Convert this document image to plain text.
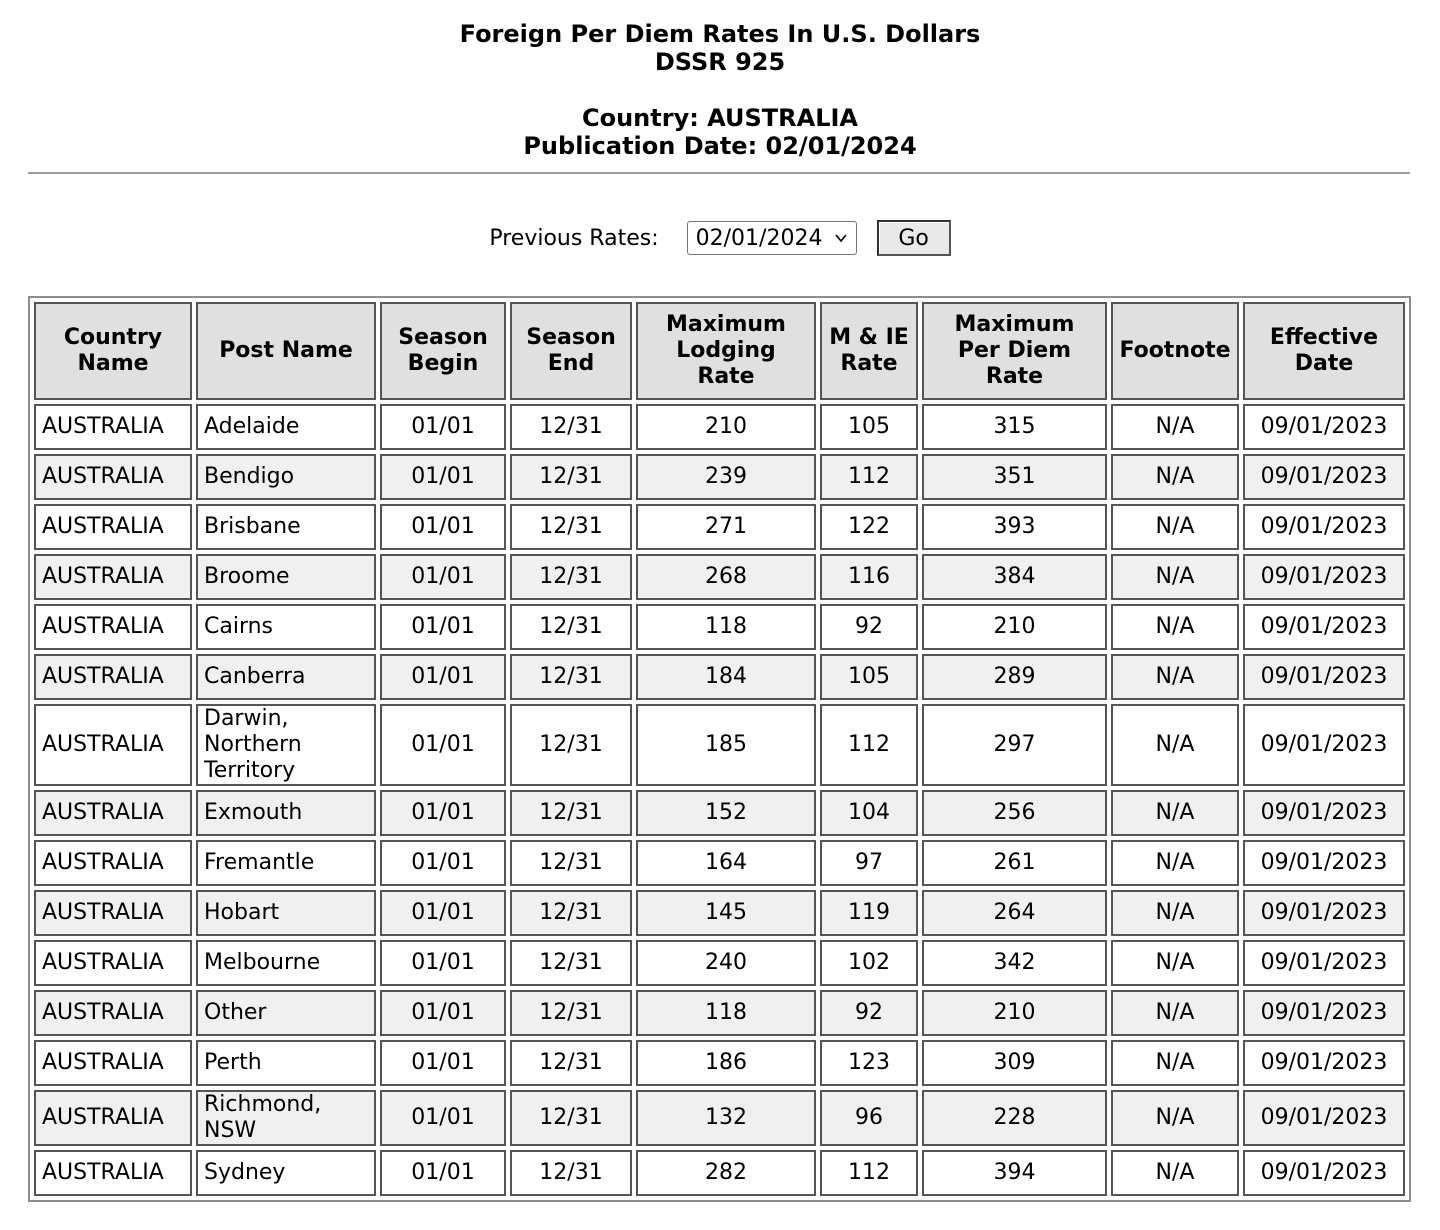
Foreign Per Diem Rates In U.S. Dollars
DSSR 925
Country: AUSTRALIA
Publication Date: 02/01/2024
Previous Rates: 02/01/2024	Go
Country Name	Post Name	Season Begin	Season End	Maximum Lodging Rate	M & IE Rate	Maximum Per Diem Rate	Footnote	Effective Date
AUSTRALIA	Adelaide	01/01	12/31	210	105	315	N/A	09/01/2023
AUSTRALIA	Bendigo	01/01	12/31	239	112	351	N/A	09/01/2023
AUSTRALIA	Brisbane	01/01	12/31	271	122	393	N/A	09/01/2023
AUSTRALIA	Broome	01/01	12/31	268	116	384	N/A	09/01/2023
AUSTRALIA	Cairns	01/01	12/31	118	92	210	N/A	09/01/2023
AUSTRALIA	Canberra	01/01	12/31	184	105	289	N/A	09/01/2023
AUSTRALIA	Darwin, Northern Territory	01/01	12/31	185	112	297	N/A	09/01/2023
AUSTRALIA	Exmouth	01/01	12/31	152	104	256	N/A	09/01/2023
AUSTRALIA	Fremantle	01/01	12/31	164	97	261	N/A	09/01/2023
AUSTRALIA	Hobart	01/01	12/31	145	119	264	N/A	09/01/2023
AUSTRALIA	Melbourne	01/01	12/31	240	102	342	N/A	09/01/2023
AUSTRALIA	Other	01/01	12/31	118	92	210	N/A	09/01/2023
AUSTRALIA	Perth	01/01	12/31	186	123	309	N/A	09/01/2023
AUSTRALIA	Richmond, NSW	01/01	12/31	132	96	228	N/A	09/01/2023
AUSTRALIA	Sydney	01/01	12/31	282	112	394	N/A	09/01/2023
